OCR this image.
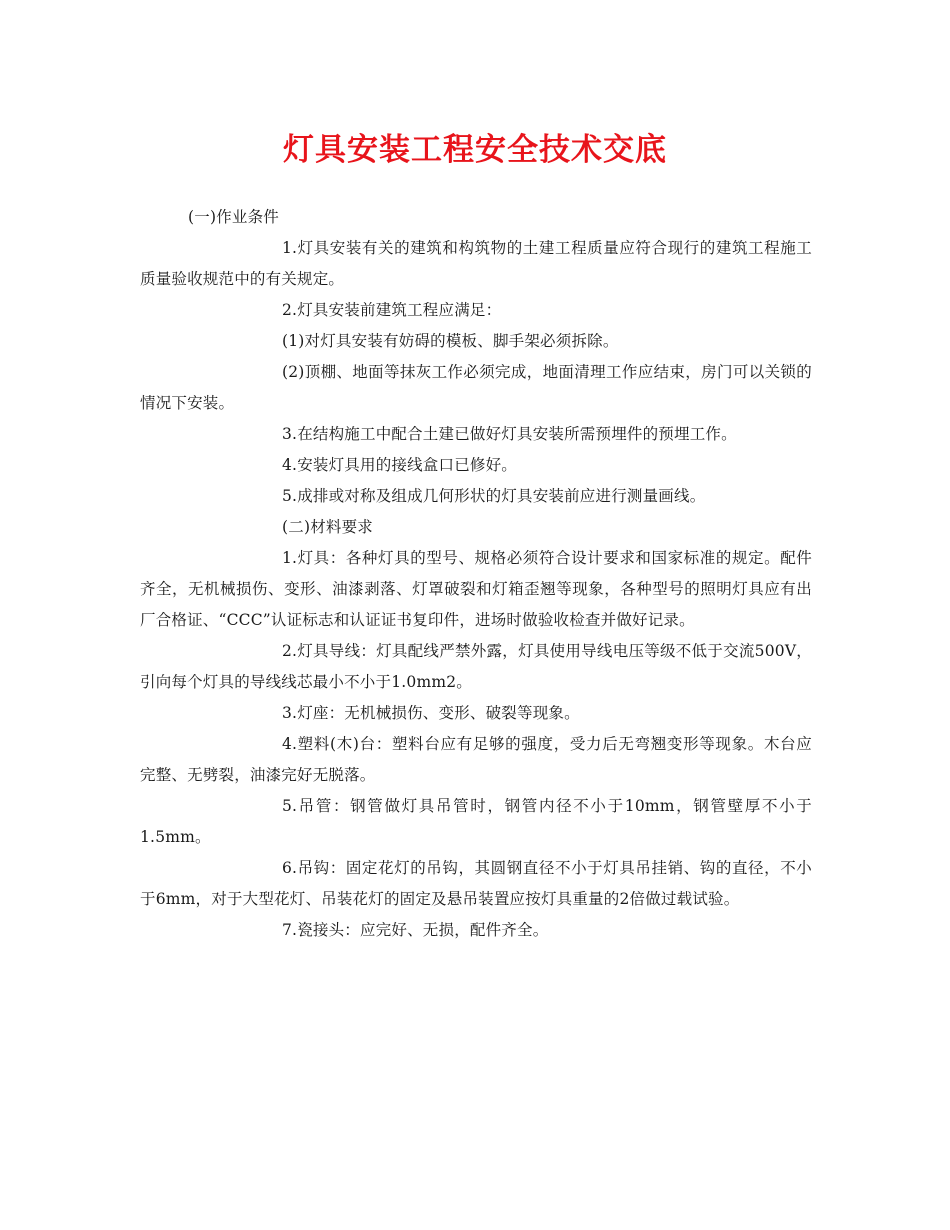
灯具安装工程安全技术交底

(一)作业条件

1.灯具安装有关的建筑和构筑物的土建工程质量应符合现行的建筑工程施工质量验收规范中的有关规定。

2.灯具安装前建筑工程应满足：

(1)对灯具安装有妨碍的模板、脚手架必须拆除。

(2)顶棚、地面等抹灰工作必须完成，地面清理工作应结束，房门可以关锁的情况下安装。

3.在结构施工中配合土建已做好灯具安装所需预埋件的预埋工作。

4.安装灯具用的接线盒口已修好。

5.成排或对称及组成几何形状的灯具安装前应进行测量画线。

(二)材料要求

1.灯具：各种灯具的型号、规格必须符合设计要求和国家标准的规定。配件齐全，无机械损伤、变形、油漆剥落、灯罩破裂和灯箱歪翘等现象，各种型号的照明灯具应有出厂合格证、“CCC”认证标志和认证证书复印件，进场时做验收检查并做好记录。

2.灯具导线：灯具配线严禁外露，灯具使用导线电压等级不低于交流500V，引向每个灯具的导线线芯最小不小于1.0mm2。

3.灯座：无机械损伤、变形、破裂等现象。

4.塑料(木)台：塑料台应有足够的强度，受力后无弯翘变形等现象。木台应完整、无劈裂，油漆完好无脱落。

5.吊管：钢管做灯具吊管时，钢管内径不小于10mm，钢管壁厚不小于1.5mm。

6.吊钩：固定花灯的吊钩，其圆钢直径不小于灯具吊挂销、钩的直径，不小于6mm，对于大型花灯、吊装花灯的固定及悬吊装置应按灯具重量的2倍做过载试验。

7.瓷接头：应完好、无损，配件齐全。
